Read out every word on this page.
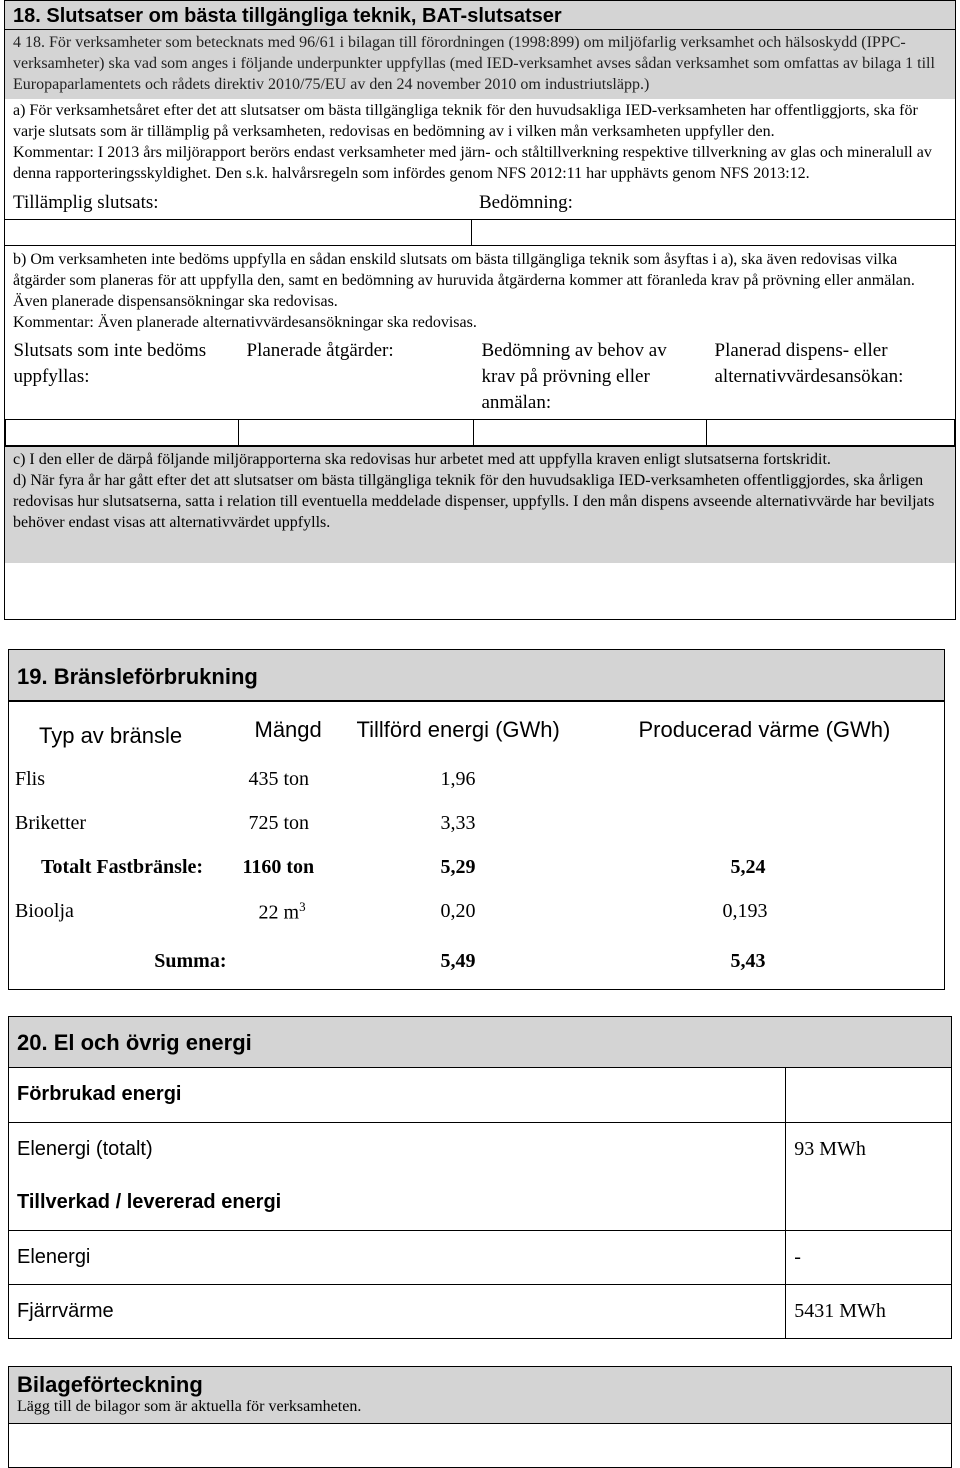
18. Slutsatser om bästa tillgängliga teknik, BAT-slutsatser
4 18. För verksamheter som betecknats med 96/61 i bilagan till förordningen (1998:899) om miljöfarlig verksamhet och hälsoskydd (IPPC-verksamheter) ska vad som anges i följande underpunkter uppfyllas (med IED-verksamhet avses sådan verksamhet som omfattas av bilaga 1 till Europaparlamentets och rådets direktiv 2010/75/EU av den 24 november 2010 om industriutsläpp.)
a) För verksamhetsåret efter det att slutsatser om bästa tillgängliga teknik för den huvudsakliga IED-verksamheten har offentliggjorts, ska för varje slutsats som är tillämplig på verksamheten, redovisas en bedömning av i vilken mån verksamheten uppfyller den.
Kommentar: I 2013 års miljörapport berörs endast verksamheter med järn- och ståltillverkning respektive tillverkning av glas och mineralull av denna rapporteringsskyldighet. Den s.k. halvårsregeln som infördes genom NFS 2012:11 har upphävts genom NFS 2013:12.
Tillämplig slutsats:	Bedömning:

b) Om verksamheten inte bedöms uppfylla en sådan enskild slutsats om bästa tillgängliga teknik som åsyftas i a), ska även redovisas vilka åtgärder som planeras för att uppfylla den, samt en bedömning av huruvida åtgärderna kommer att föranleda krav på prövning eller anmälan. Även planerade dispensansökningar ska redovisas.
Kommentar: Även planerade alternativvärdesansökningar ska redovisas.
Slutsats som inte bedöms uppfyllas:	Planerade åtgärder:	Bedömning av behov av krav på prövning eller anmälan:	Planerad dispens- eller alternativvärdesansökan:

c) I den eller de därpå följande miljörapporterna ska redovisas hur arbetet med att uppfylla kraven enligt slutsatserna fortskridit.
d) När fyra år har gått efter det att slutsatser om bästa tillgängliga teknik för den huvudsakliga IED-verksamheten offentliggjordes, ska årligen redovisas hur slutsatserna, satta i relation till eventuella meddelade dispenser, uppfylls. I den mån dispens avseende alternativvärde har beviljats behöver endast visas att alternativvärdet uppfylls.
19. Bränsleförbrukning
Typ av bränsle	Mängd	Tillförd energi (GWh)	Producerad värme (GWh)
Flis	435 ton	1,96	
Briketter	725 ton	3,33	
Totalt Fastbränsle:	1160 ton	5,29	5,24
Bioolja	22 $m^3$	0,20	0,193
Summa:		5,49	5,43
20. El och övrig energi
Förbrukad energi	
Elenergi (totalt)	93 MWh
Tillverkad / levererad energi	
Elenergi	-
Fjärrvärme	5431 MWh
Bilageförteckning
Lägg till de bilagor som är aktuella för verksamheten.
